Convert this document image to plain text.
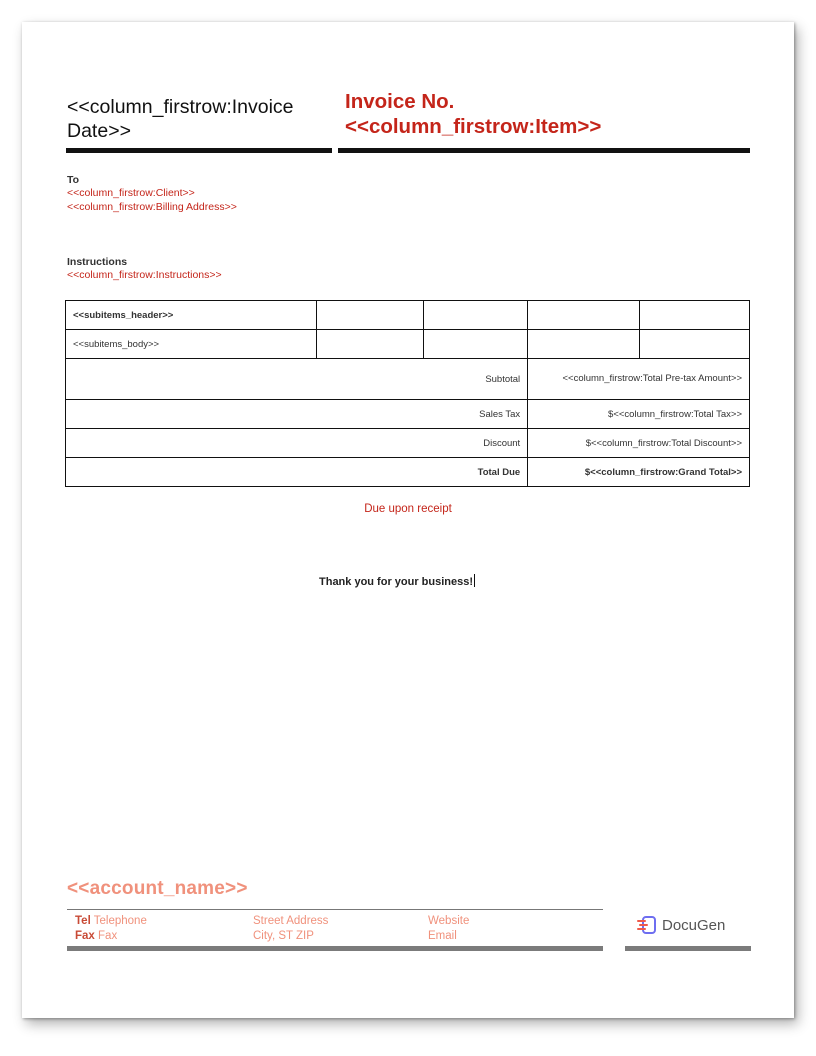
<<column_firstrow:Invoice Date>>
Invoice No.
<<column_firstrow:Item>>
To
<<column_firstrow:Client>>
<<column_firstrow:Billing Address>>
Instructions
<<column_firstrow:Instructions>>
<<subitems_header>>				
<<subitems_body>>				
Subtotal			<<column_firstrow:Total Pre-tax Amount>>	
Sales Tax			$<<column_firstrow:Total Tax>>	
Discount			$<<column_firstrow:Total Discount>>	
Total Due			$<<column_firstrow:Grand Total>>	
Due upon receipt
Thank you for your business!
<<account_name>>
Tel Telephone
Fax Fax
Street Address
City, ST ZIP
Website
Email
DocuGen
